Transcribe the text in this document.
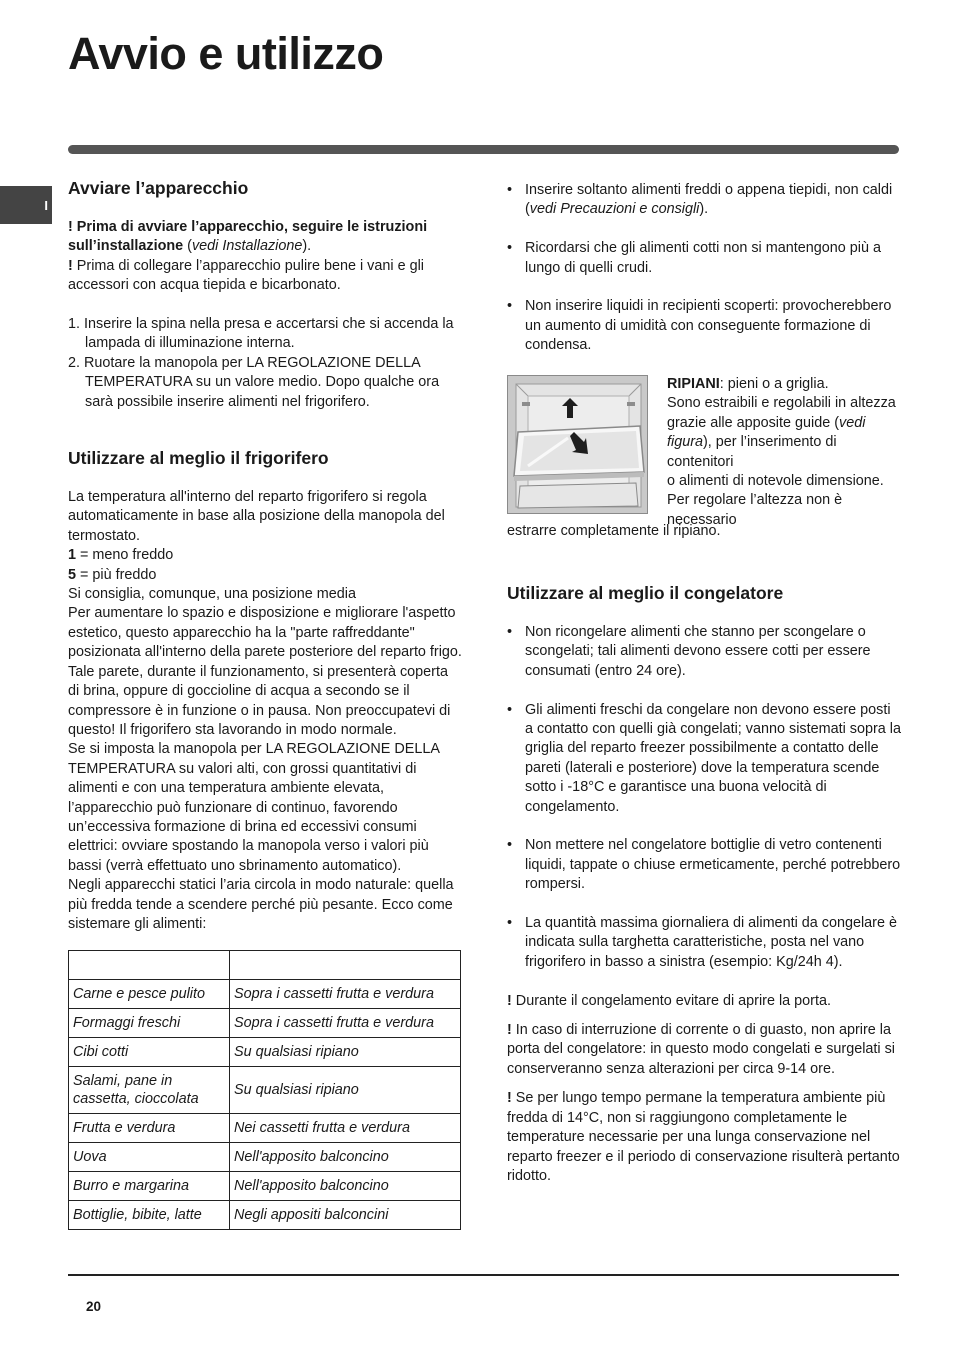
Avvio e utilizzo
I
Avviare l’apparecchio

! Prima di avviare l’apparecchio, seguire le istruzioni sull’installazione (vedi Installazione).

! Prima di collegare l’apparecchio pulire bene i vani e gli accessori con acqua tiepida e bicarbonato.

1. Inserire la spina nella presa e accertarsi che si accenda la lampada di illuminazione interna.
2. Ruotare la manopola per LA REGOLAZIONE DELLA TEMPERATURA su un valore medio. Dopo qualche ora sarà possibile inserire alimenti nel frigorifero.
Utilizzare al meglio il frigorifero

La temperatura all'interno del reparto frigorifero si regola automaticamente in base alla posizione della manopola del termostato.

1 = meno freddo

5 = più freddo

Si consiglia, comunque, una posizione media
Per aumentare lo spazio e disposizione e migliorare l'aspetto estetico, questo apparecchio ha la "parte raffreddante" posizionata all'interno della parete posteriore del reparto frigo. Tale parete, durante il funzionamento, si presenterà coperta di brina, oppure di goccioline di acqua a secondo se il compressore è in funzione o in pausa. Non preoccupatevi di questo! Il frigorifero sta lavorando in modo normale.
Se si imposta la manopola per LA REGOLAZIONE DELLA TEMPERATURA su valori alti, con grossi quantitativi di alimenti e con una temperatura ambiente elevata, l’apparecchio può funzionare di continuo, favorendo un’eccessiva formazione di brina ed eccessivi consumi elettrici: ovviare spostando la manopola verso i valori più bassi (verrà effettuato uno sbrinamento automatico).
Negli apparecchi statici l’aria circola in modo naturale: quella più fredda tende a scendere perché più pesante. Ecco come sistemare gli alimenti:

Carne e pesce pulito	Sopra i cassetti frutta e verdura
Formaggi freschi	Sopra i cassetti frutta e verdura
Cibi cotti	Su qualsiasi ripiano
Salami, pane in cassetta, cioccolata	Su qualsiasi ripiano
Frutta e verdura	Nei cassetti frutta e verdura
Uova	Nell'apposito balconcino
Burro e margarina	Nell'apposito balconcino
Bottiglie, bibite, latte	Negli appositi balconcini
• Inserire soltanto alimenti freddi o appena tiepidi, non caldi (vedi Precauzioni e consigli).
• Ricordarsi che gli alimenti cotti non si mantengono più a lungo di quelli crudi.
• Non inserire liquidi in recipienti scoperti: provocherebbero un aumento di umidità con conseguente formazione di condensa.
RIPIANI: pieni o a griglia.
Sono estraibili e regolabili in altezza grazie alle apposite guide (vedi figura), per l’inserimento di contenitori
o alimenti di notevole dimensione. Per regolare l’altezza non è necessario
estrarre completamente il ripiano.
Utilizzare al meglio il congelatore
• Non ricongelare alimenti che stanno per scongelare o scongelati; tali alimenti devono essere cotti per essere consumati (entro 24 ore).
• Gli alimenti freschi da congelare non devono essere posti a contatto con quelli già congelati; vanno sistemati sopra la griglia del reparto freezer possibilmente a contatto delle pareti (laterali e posteriore) dove la temperatura scende sotto i -18°C e garantisce una buona velocità di congelamento.
• Non mettere nel congelatore bottiglie di vetro contenenti liquidi, tappate o chiuse ermeticamente, perché potrebbero rompersi.
• La quantità massima giornaliera di alimenti da congelare è indicata sulla targhetta caratteristiche, posta nel vano frigorifero in basso a sinistra (esempio: Kg/24h 4).

! Durante il congelamento evitare di aprire la porta.

! In caso di interruzione di corrente o di guasto, non aprire la porta del congelatore: in questo modo congelati e surgelati si conserveranno senza alterazioni per circa 9-14 ore.

! Se per lungo tempo permane la temperatura ambiente più fredda di 14°C, non si raggiungono completamente le temperature necessarie per una lunga conservazione nel reparto freezer e il periodo di conservazione risulterà pertanto ridotto.

20
